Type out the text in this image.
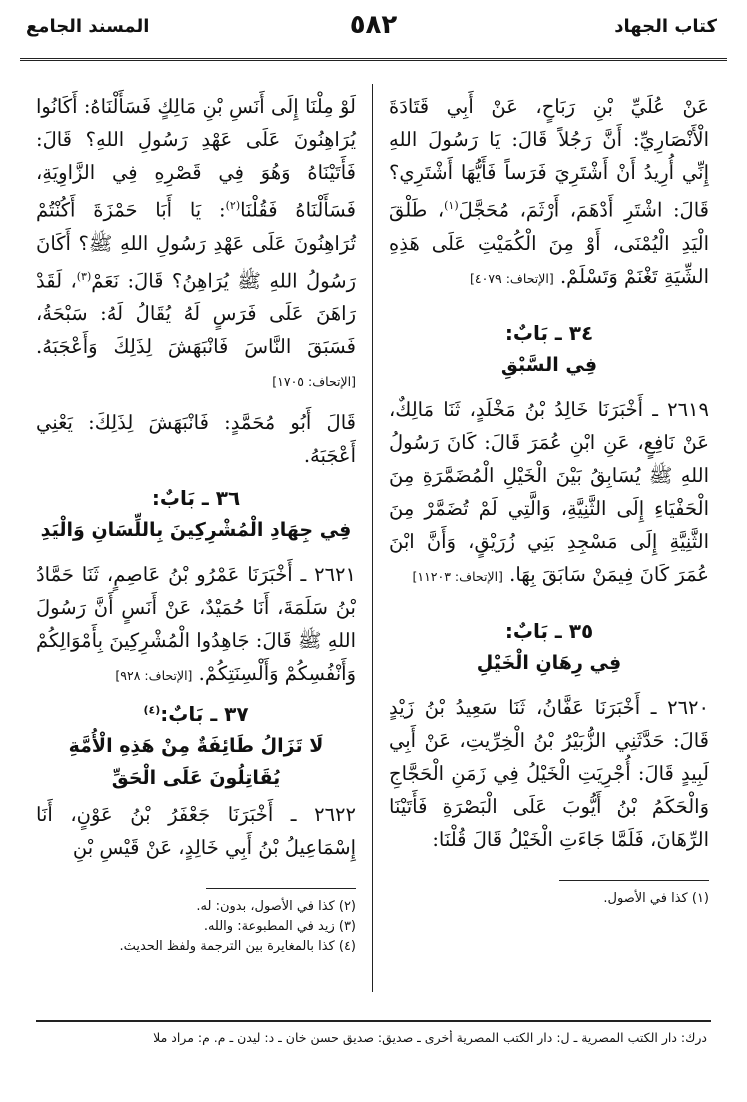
كتاب الجهاد
٥٨٢
المسند الجامع

عَنْ عُلَيِّ بْنِ رَبَاحٍ، عَنْ أَبِي قَتَادَةَ الْأَنْصَارِيِّ: أَنَّ رَجُلاً قَالَ: يَا رَسُولَ اللهِ إِنِّي أُرِيدُ أَنْ أَشْتَرِيَ فَرَساً فَأَيُّهَا أَشْتَرِي؟ قَالَ: اشْتَرِ أَدْهَمَ، أَرْثَمَ، مُحَجَّلَ$^{(١)}$، طَلْقَ الْيَدِ الْيُمْنَى، أَوْ مِنَ الْكُمَيْتِ عَلَى هَذِهِ الشِّيَةِ تَغْنَمْ وَتَسْلَمْ. [الإتحاف: ٤٠٧٩]

٣٤ ـ بَابٌ:
فِي السَّبْقِ

٢٦١٩ ـ أَخْبَرَنَا خَالِدُ بْنُ مَخْلَدٍ، ثَنَا مَالِكٌ، عَنْ نَافِعٍ، عَنِ ابْنِ عُمَرَ قَالَ: كَانَ رَسُولُ اللهِ ﷺ يُسَابِقُ بَيْنَ الْخَيْلِ الْمُضَمَّرَةِ مِنَ الْحَفْيَاءِ إِلَى الثَّنِيَّةِ، وَالَّتِي لَمْ تُضَمَّرْ مِنَ الثَّنِيَّةِ إِلَى مَسْجِدِ بَنِي زُرَيْقٍ، وَأَنَّ ابْنَ عُمَرَ كَانَ فِيمَنْ سَابَقَ بِهَا. [الإتحاف: ١١٢٠٣]

٣٥ ـ بَابٌ:
فِي رِهَانِ الْخَيْلِ

٢٦٢٠ ـ أَخْبَرَنَا عَفَّانُ، ثَنَا سَعِيدُ بْنُ زَيْدٍ قَالَ: حَدَّثَنِي الزُّبَيْرُ بْنُ الْخِرِّيتِ، عَنْ أَبِي لَبِيدٍ قَالَ: أُجْرِيَتِ الْخَيْلُ فِي زَمَنِ الْحَجَّاجِ وَالْحَكَمُ بْنُ أَيُّوبَ عَلَى الْبَصْرَةِ فَأَتَيْنَا الرِّهَانَ، فَلَمَّا جَاءَتِ الْخَيْلُ قَالَ قُلْنَا:

(١) كذا في الأصول.

لَوْ مِلْنَا إِلَى أَنَسِ بْنِ مَالِكٍ فَسَأَلْنَاهُ: أَكَانُوا يُرَاهِنُونَ عَلَى عَهْدِ رَسُولِ اللهِ؟ قَالَ: فَأَتَيْنَاهُ وَهُوَ فِي قَصْرِهِ فِي الزَّاوِيَةِ، فَسَأَلْنَاهُ فَقُلْنَا$^{(٢)}$: يَا أَبَا حَمْزَةَ أَكُنْتُمْ تُرَاهِنُونَ عَلَى عَهْدِ رَسُولِ اللهِ ﷺ؟ أَكَانَ رَسُولُ اللهِ ﷺ يُرَاهِنُ؟ قَالَ: نَعَمْ$^{(٣)}$، لَقَدْ رَاهَنَ عَلَى فَرَسٍ لَهُ يُقَالُ لَهُ: سَبْحَةُ، فَسَبَقَ النَّاسَ فَانْبَهَشَ لِذَلِكَ وَأَعْجَبَهُ. [الإتحاف: ١٧٠٥]

قَالَ أَبُو مُحَمَّدٍ: فَانْبَهَشَ لِذَلِكَ: يَعْنِي أَعْجَبَهُ.

٣٦ ـ بَابٌ:
فِي جِهَادِ الْمُشْرِكِينَ بِاللِّسَانِ وَالْيَدِ

٢٦٢١ ـ أَخْبَرَنَا عَمْرُو بْنُ عَاصِمٍ، ثَنَا حَمَّادُ بْنُ سَلَمَةَ، أَنَا حُمَيْدٌ، عَنْ أَنَسٍ أَنَّ رَسُولَ اللهِ ﷺ قَالَ: جَاهِدُوا الْمُشْرِكِينَ بِأَمْوَالِكُمْ وَأَنْفُسِكُمْ وَأَلْسِنَتِكُمْ. [الإتحاف: ٩٢٨]

٣٧ ـ بَابٌ:$^{(٤)}$
لَا تَزَالُ طَائِفَةٌ مِنْ هَذِهِ الْأُمَّةِ
يُقَاتِلُونَ عَلَى الْحَقِّ

٢٦٢٢ ـ أَخْبَرَنَا جَعْفَرُ بْنُ عَوْنٍ، أَنَا إِسْمَاعِيلُ بْنُ أَبِي خَالِدٍ، عَنْ قَيْسِ بْنِ

(٢) كذا في الأصول، بدون: له.

(٣) زيد في المطبوعة: والله.

(٤) كذا بالمغايرة بين الترجمة ولفظ الحديث.

درك: دار الكتب المصرية ـ ل: دار الكتب المصرية أخرى ـ صديق: صديق حسن خان ـ د: ليدن ـ م. م: مراد ملا
